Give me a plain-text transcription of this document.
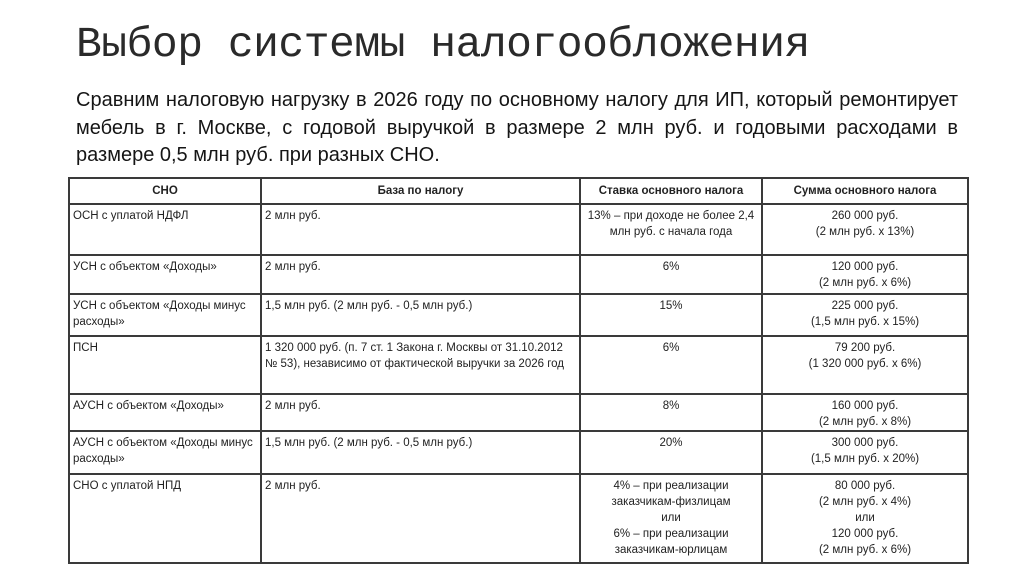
Выбор системы налогообложения

Сравним налоговую нагрузку в 2026 году по основному налогу для ИП, который ремонтирует мебель в г. Москве, с годовой выручкой в размере 2 млн руб. и годовыми расходами в размере 0,5 млн руб. при разных СНО.

СНО	База по налогу	Ставка основного налога	Сумма основного налога
ОСН с уплатой НДФЛ	2 млн руб.	13% – при доходе не более 2,4
млн руб. с начала года	260 000 руб.
(2 млн руб. х 13%)

УСН с объектом «Доходы»	2 млн руб.	6%	120 000 руб.
(2 млн руб. х 6%)

УСН с объектом «Доходы минус расходы»	1,5 млн руб. (2 млн руб. - 0,5 млн руб.)	15%	225 000 руб.
(1,5 млн руб. х 15%)

ПСН	1 320 000 руб. (п. 7 ст. 1 Закона г. Москвы от 31.10.2012 № 53), независимо от фактической выручки за 2026 год	6%	79 200 руб.
(1 320 000 руб. х 6%)

АУСН с объектом «Доходы»	2 млн руб.	8%	160 000 руб.
(2 млн руб. х 8%)

АУСН с объектом «Доходы минус расходы»	1,5 млн руб. (2 млн руб. - 0,5 млн руб.)	20%	300 000 руб.
(1,5 млн руб. х 20%)

СНО с уплатой НПД	2 млн руб.	4% – при реализации
заказчикам-физлицам
или
6% – при реализации
заказчикам-юрлицам	80 000 руб.
(2 млн руб. х 4%)
или
120 000 руб.
(2 млн руб. х 6%)
